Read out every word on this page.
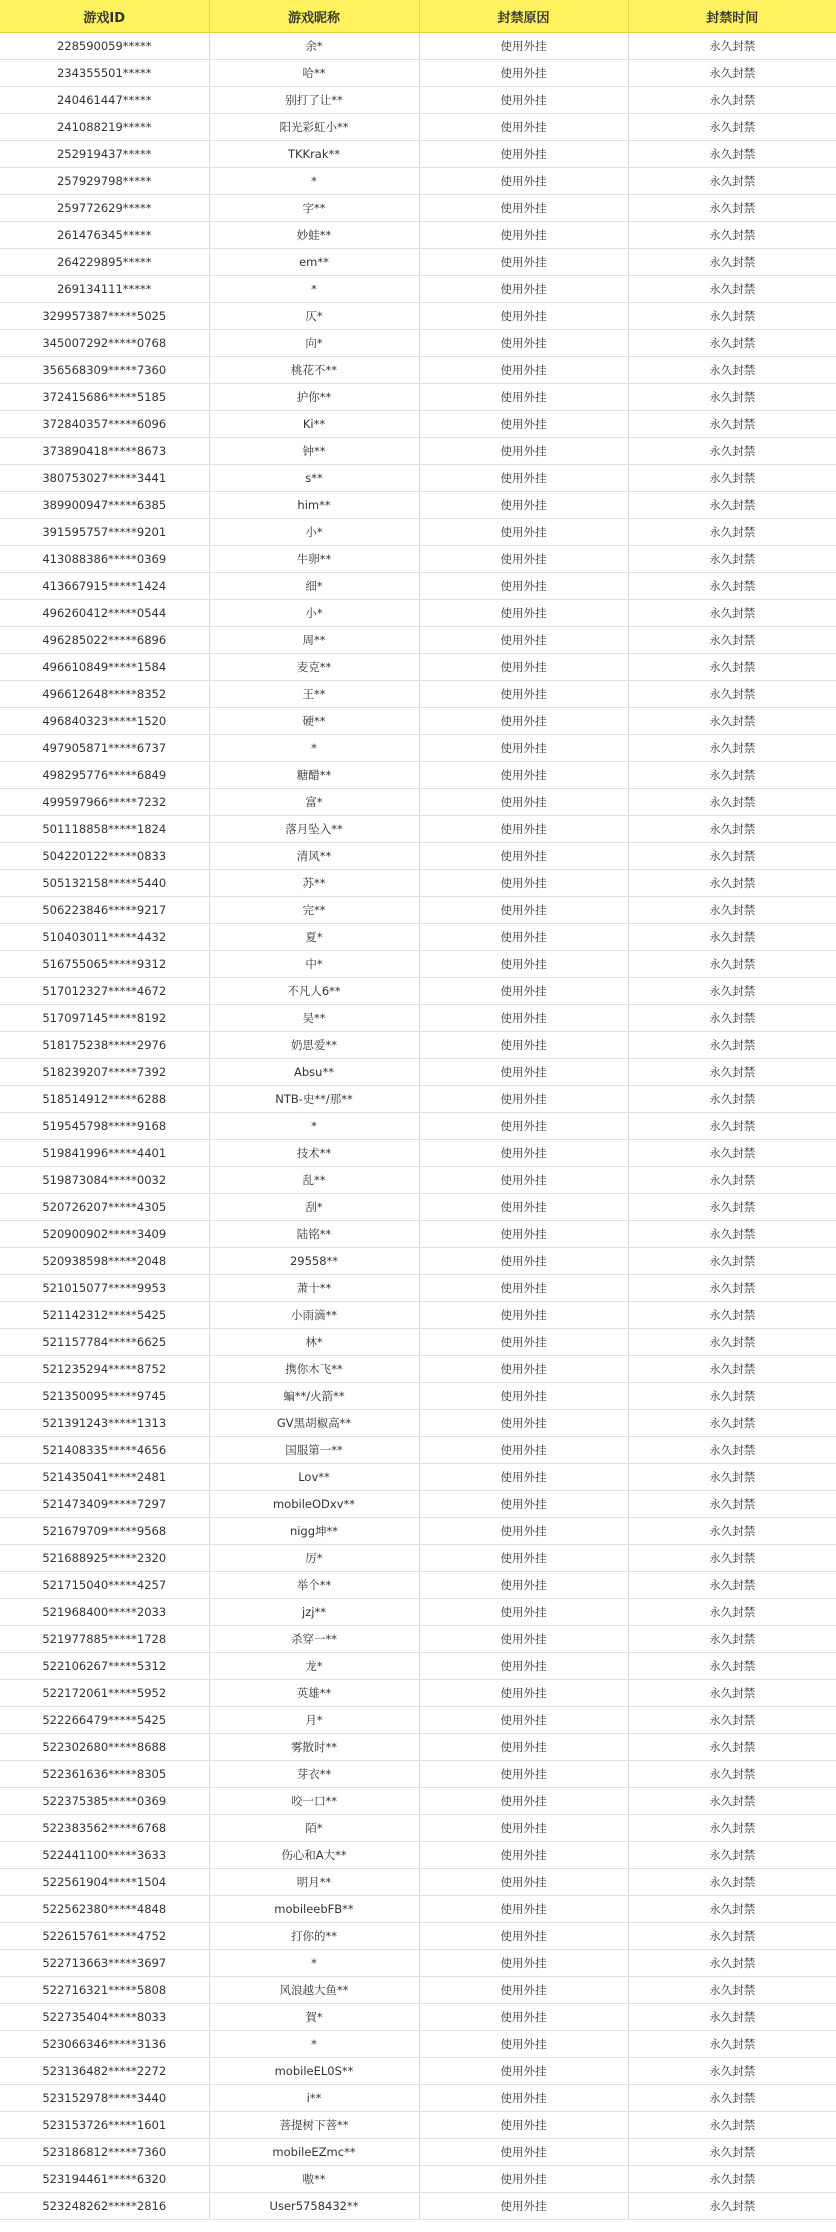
游戏ID	游戏昵称	封禁原因	封禁时间
228590059*****	余*	使用外挂	永久封禁
234355501*****	哈**	使用外挂	永久封禁
240461447*****	别打了让**	使用外挂	永久封禁
241088219*****	阳光彩虹小**	使用外挂	永久封禁
252919437*****	TKKrak**	使用外挂	永久封禁
257929798*****	*	使用外挂	永久封禁
259772629*****	字**	使用外挂	永久封禁
261476345*****	妙蛙**	使用外挂	永久封禁
264229895*****	em**	使用外挂	永久封禁
269134111*****	*	使用外挂	永久封禁
329957387*****5025	仄*	使用外挂	永久封禁
345007292*****0768	向*	使用外挂	永久封禁
356568309*****7360	桃花不**	使用外挂	永久封禁
372415686*****5185	护你**	使用外挂	永久封禁
372840357*****6096	Ki**	使用外挂	永久封禁
373890418*****8673	钟**	使用外挂	永久封禁
380753027*****3441	s**	使用外挂	永久封禁
389900947*****6385	him**	使用外挂	永久封禁
391595757*****9201	小*	使用外挂	永久封禁
413088386*****0369	牛卵**	使用外挂	永久封禁
413667915*****1424	细*	使用外挂	永久封禁
496260412*****0544	小*	使用外挂	永久封禁
496285022*****6896	周**	使用外挂	永久封禁
496610849*****1584	麦克**	使用外挂	永久封禁
496612648*****8352	王**	使用外挂	永久封禁
496840323*****1520	硬**	使用外挂	永久封禁
497905871*****6737	*	使用外挂	永久封禁
498295776*****6849	糖醋**	使用外挂	永久封禁
499597966*****7232	富*	使用外挂	永久封禁
501118858*****1824	落月坠入**	使用外挂	永久封禁
504220122*****0833	清风**	使用外挂	永久封禁
505132158*****5440	苏**	使用外挂	永久封禁
506223846*****9217	完**	使用外挂	永久封禁
510403011*****4432	夏*	使用外挂	永久封禁
516755065*****9312	中*	使用外挂	永久封禁
517012327*****4672	不凡人6**	使用外挂	永久封禁
517097145*****8192	吴**	使用外挂	永久封禁
518175238*****2976	奶思爱**	使用外挂	永久封禁
518239207*****7392	Absu**	使用外挂	永久封禁
518514912*****6288	NTB-史**/那**	使用外挂	永久封禁
519545798*****9168	*	使用外挂	永久封禁
519841996*****4401	技术**	使用外挂	永久封禁
519873084*****0032	乱**	使用外挂	永久封禁
520726207*****4305	刮*	使用外挂	永久封禁
520900902*****3409	陆铭**	使用外挂	永久封禁
520938598*****2048	29558**	使用外挂	永久封禁
521015077*****9953	萧十**	使用外挂	永久封禁
521142312*****5425	小雨滴**	使用外挂	永久封禁
521157784*****6625	林*	使用外挂	永久封禁
521235294*****8752	携你木飞**	使用外挂	永久封禁
521350095*****9745	蝙**/火箭**	使用外挂	永久封禁
521391243*****1313	GV黑胡椒高**	使用外挂	永久封禁
521408335*****4656	国服第一**	使用外挂	永久封禁
521435041*****2481	Lov**	使用外挂	永久封禁
521473409*****7297	mobileODxv**	使用外挂	永久封禁
521679709*****9568	nigg坤**	使用外挂	永久封禁
521688925*****2320	厉*	使用外挂	永久封禁
521715040*****4257	举个**	使用外挂	永久封禁
521968400*****2033	jzj**	使用外挂	永久封禁
521977885*****1728	杀穿一**	使用外挂	永久封禁
522106267*****5312	龙*	使用外挂	永久封禁
522172061*****5952	英雄**	使用外挂	永久封禁
522266479*****5425	月*	使用外挂	永久封禁
522302680*****8688	雾散时**	使用外挂	永久封禁
522361636*****8305	芽衣**	使用外挂	永久封禁
522375385*****0369	咬一口**	使用外挂	永久封禁
522383562*****6768	陌*	使用外挂	永久封禁
522441100*****3633	伤心和A大**	使用外挂	永久封禁
522561904*****1504	明月**	使用外挂	永久封禁
522562380*****4848	mobileebFB**	使用外挂	永久封禁
522615761*****4752	打你的**	使用外挂	永久封禁
522713663*****3697	*	使用外挂	永久封禁
522716321*****5808	风浪越大鱼**	使用外挂	永久封禁
522735404*****8033	賀*	使用外挂	永久封禁
523066346*****3136	*	使用外挂	永久封禁
523136482*****2272	mobileEL0S**	使用外挂	永久封禁
523152978*****3440	i**	使用外挂	永久封禁
523153726*****1601	菩提树下菩**	使用外挂	永久封禁
523186812*****7360	mobileEZmc**	使用外挂	永久封禁
523194461*****6320	嗷**	使用外挂	永久封禁
523248262*****2816	User5758432**	使用外挂	永久封禁
